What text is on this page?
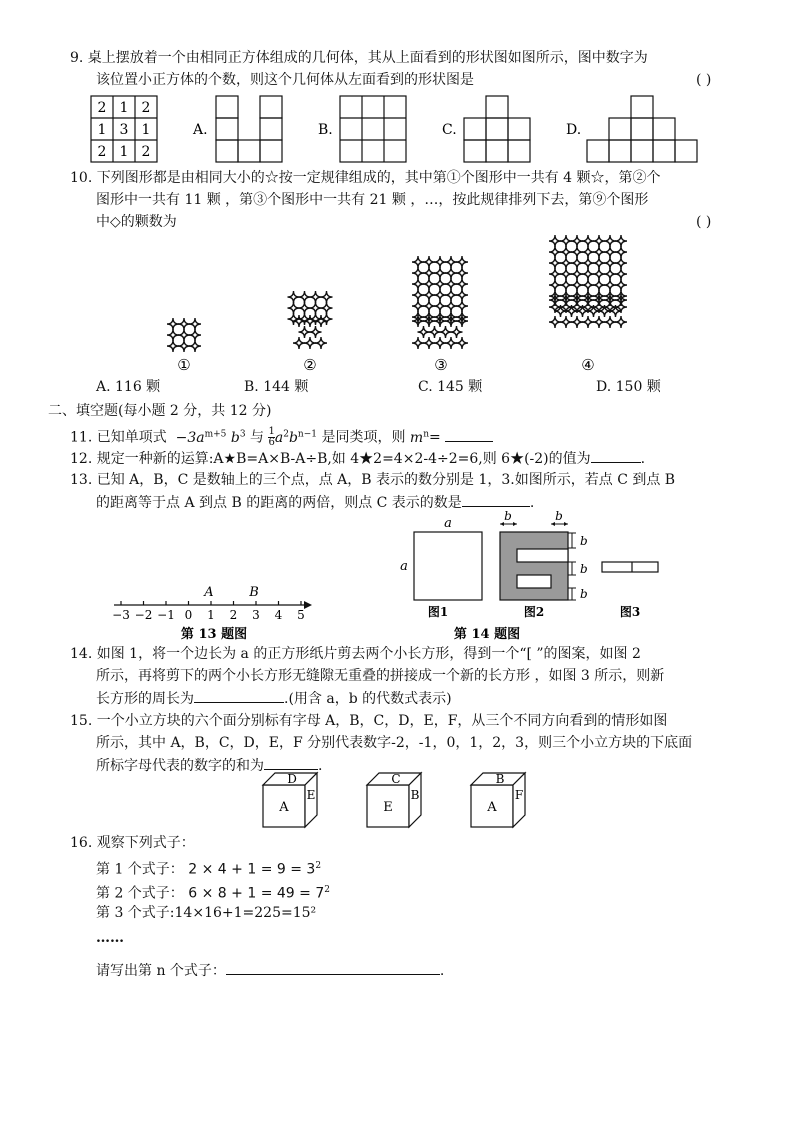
9. 桌上摆放着一个由相同正方体组成的几何体，其从上面看到的形状图如图所示，图中数字为
该位置小正方体的个数，则这个几何体从左面看到的形状图是	( )
2 1 2
1 3 1
2 1 2
A.	B.	C.	D.
10. 下列图形都是由相同大小的☆按一定规律组成的，其中第①个图形中一共有 4 颗☆，第②个
图形中一共有 11 颗 ，第③个图形中一共有 21 颗 ，…，按此规律排列下去，第⑨个图形
中◇的颗数为	( )
①	②	③	④
A. 116 颗	B. 144 颗	C. 145 颗	D. 150 颗
二、填空题(每小题 2 分，共 12 分)
11. 已知单项式  $-3a^{m+5}$ $b^3$ 与 $\frac{1}{6} a^2b^{n-1}$ 是同类项，则 $m^n=$
12. 规定一种新的运算:A★B=A×B-A÷B,如 4★2=4×2-4÷2=6,则 6★(-2)的值为	.
13. 已知 A，B，C 是数轴上的三个点，点 A，B 表示的数分别是 1，3.如图所示，若点 C 到点 B
的距离等于点 A 到点 B 的距离的两倍，则点 C 表示的数是	.
−3 −2 −1 0 1 2 3 4 5
A	B
第 13 题图
a
a
图1
b	b
b
b
b
图2	图3
第 14 题图
14. 如图 1，将一个边长为 a 的正方形纸片剪去两个小长方形，得到一个“[ ”的图案，如图 2
所示，再将剪下的两个小长方形无缝隙无重叠的拼接成一个新的长方形 ，如图 3 所示，则新
长方形的周长为	.(用含 a，b 的代数式表示)
15. 一个小立方块的六个面分别标有字母 A，B，C，D，E，F，从三个不同方向看到的情形如图
所示，其中 A，B，C，D，E，F 分别代表数字-2，-1，0，1，2，3，则三个小立方块的下底面
所标字母代表的数字的和为	.
D
A
E
C
E
B
B
A
F
16. 观察下列式子：
第 1 个式子： $2 \times 4 + 1 = 9 = 3^2$
第 2 个式子： $6 \times 8 + 1 = 49 = 7^2$
第 3 个式子:14×16+1=225=15²
……
请写出第 n 个式子：	.
